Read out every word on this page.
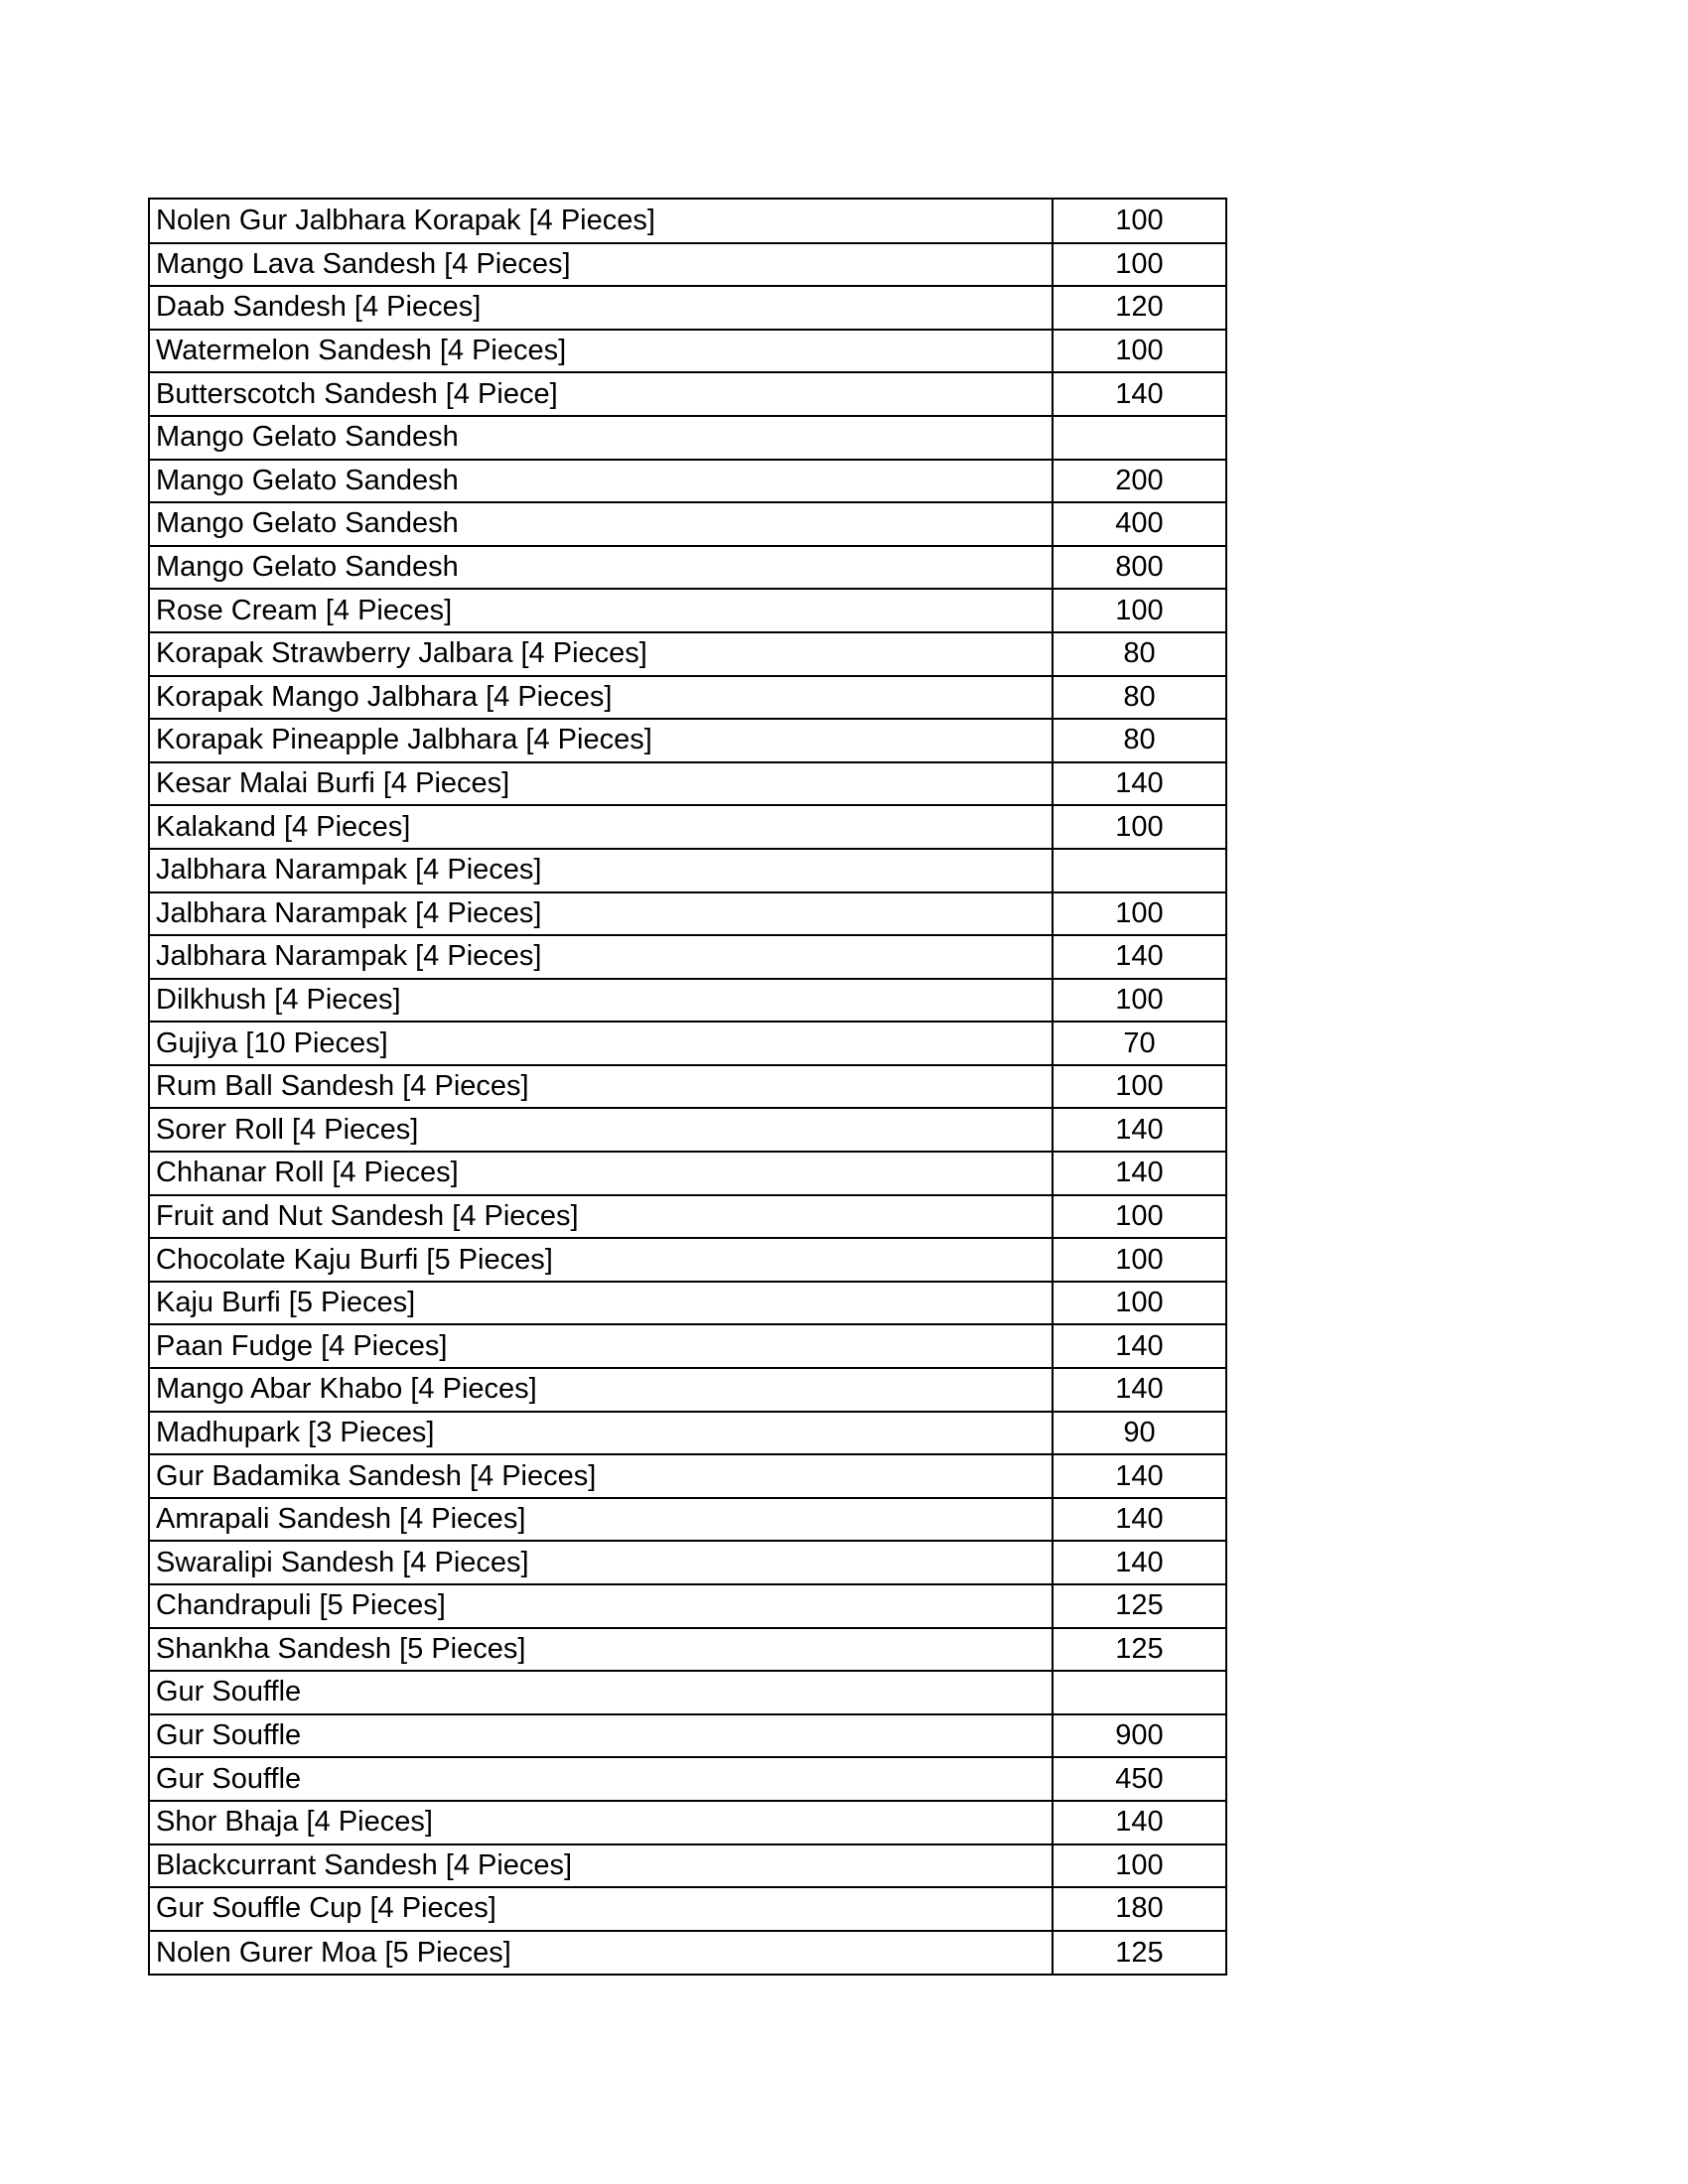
Nolen Gur Jalbhara Korapak [4 Pieces]	100
Mango Lava Sandesh [4 Pieces]	100
Daab Sandesh [4 Pieces]	120
Watermelon Sandesh [4 Pieces]	100
Butterscotch Sandesh [4 Piece]	140
Mango Gelato Sandesh	
Mango Gelato Sandesh	200
Mango Gelato Sandesh	400
Mango Gelato Sandesh	800
Rose Cream [4 Pieces]	100
Korapak Strawberry Jalbara [4 Pieces]	80
Korapak Mango Jalbhara [4 Pieces]	80
Korapak Pineapple Jalbhara [4 Pieces]	80
Kesar Malai Burfi [4 Pieces]	140
Kalakand [4 Pieces]	100
Jalbhara Narampak [4 Pieces]	
Jalbhara Narampak [4 Pieces]	100
Jalbhara Narampak [4 Pieces]	140
Dilkhush [4 Pieces]	100
Gujiya [10 Pieces]	70
Rum Ball Sandesh [4 Pieces]	100
Sorer Roll [4 Pieces]	140
Chhanar Roll [4 Pieces]	140
Fruit and Nut Sandesh [4 Pieces]	100
Chocolate Kaju Burfi [5 Pieces]	100
Kaju Burfi [5 Pieces]	100
Paan Fudge [4 Pieces]	140
Mango Abar Khabo [4 Pieces]	140
Madhupark [3 Pieces]	90
Gur Badamika Sandesh [4 Pieces]	140
Amrapali Sandesh [4 Pieces]	140
Swaralipi Sandesh [4 Pieces]	140
Chandrapuli [5 Pieces]	125
Shankha Sandesh [5 Pieces]	125
Gur Souffle	
Gur Souffle	900
Gur Souffle	450
Shor Bhaja [4 Pieces]	140
Blackcurrant Sandesh [4 Pieces]	100
Gur Souffle Cup [4 Pieces]	180
Nolen Gurer Moa [5 Pieces]	125
